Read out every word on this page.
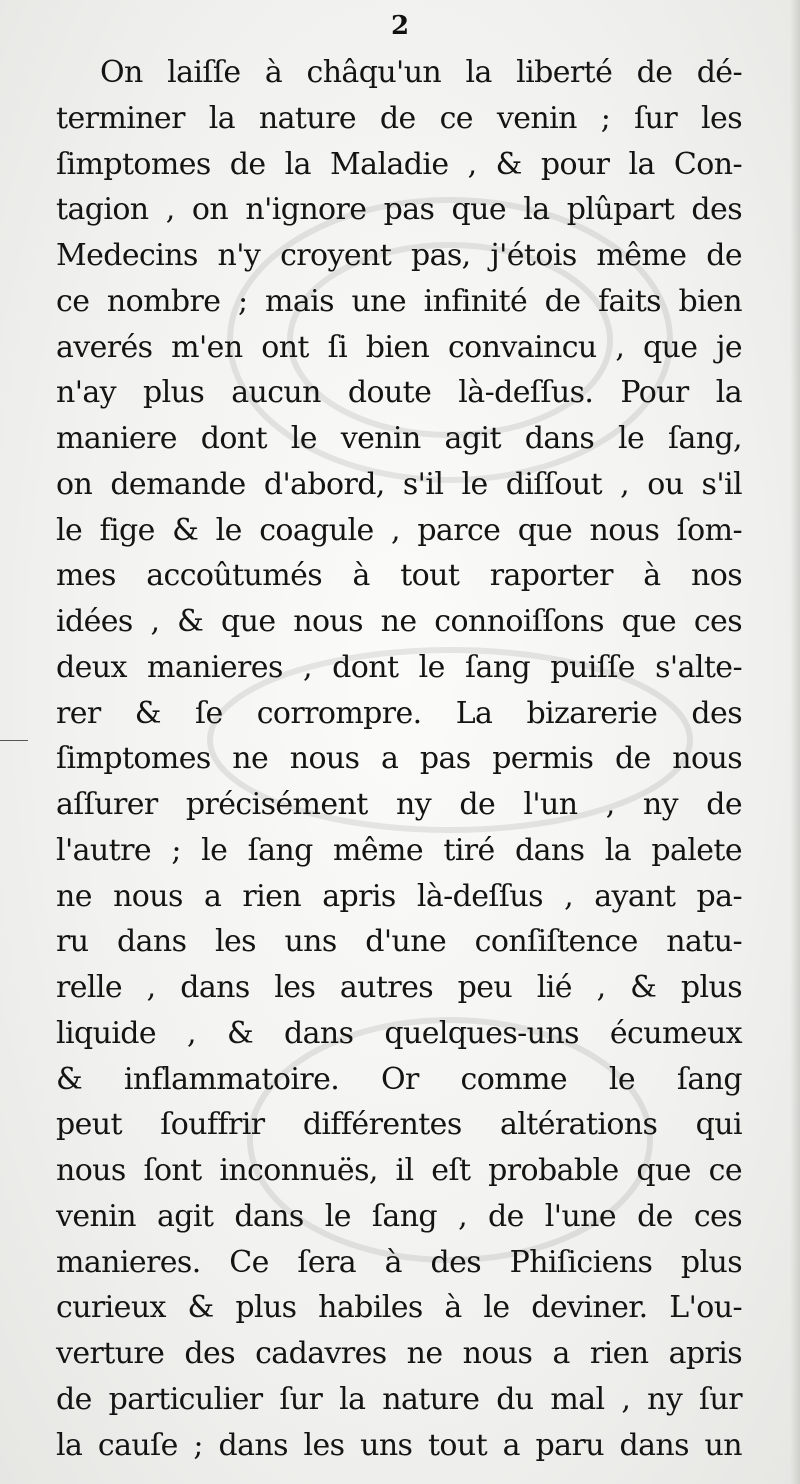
2
On laiſſe à châqu'un la liberté de dé-
terminer la nature de ce venin ; ſur les
ſimptomes de la Maladie , & pour la Con-
tagion , on n'ignore pas que la plûpart des
Medecins n'y croyent pas, j'étois même de
ce nombre ; mais une infinité de faits bien
averés m'en ont ſi bien convaincu , que je
n'ay plus aucun doute là-deſſus. Pour la
maniere dont le venin agit dans le ſang,
on demande d'abord, s'il le diſſout , ou s'il
le fige & le coagule , parce que nous ſom-
mes accoûtumés à tout raporter à nos
idées , & que nous ne connoiſſons que ces
deux manieres , dont le ſang puiſſe s'alte-
rer & ſe corrompre. La bizarerie des
ſimptomes ne nous a pas permis de nous
aſſurer précisément ny de l'un , ny de
l'autre ; le ſang même tiré dans la palete
ne nous a rien apris là-deſſus , ayant pa-
ru dans les uns d'une conſiſtence natu-
relle , dans les autres peu lié , & plus
liquide , & dans quelques-uns écumeux
& inflammatoire. Or comme le ſang
peut ſouffrir différentes altérations qui
nous ſont inconnuës, il eſt probable que ce
venin agit dans le ſang , de l'une de ces
manieres. Ce ſera à des Phiſiciens plus
curieux & plus habiles à le deviner. L'ou-
verture des cadavres ne nous a rien apris
de particulier ſur la nature du mal , ny ſur
la cauſe ; dans les uns tout a paru dans un
